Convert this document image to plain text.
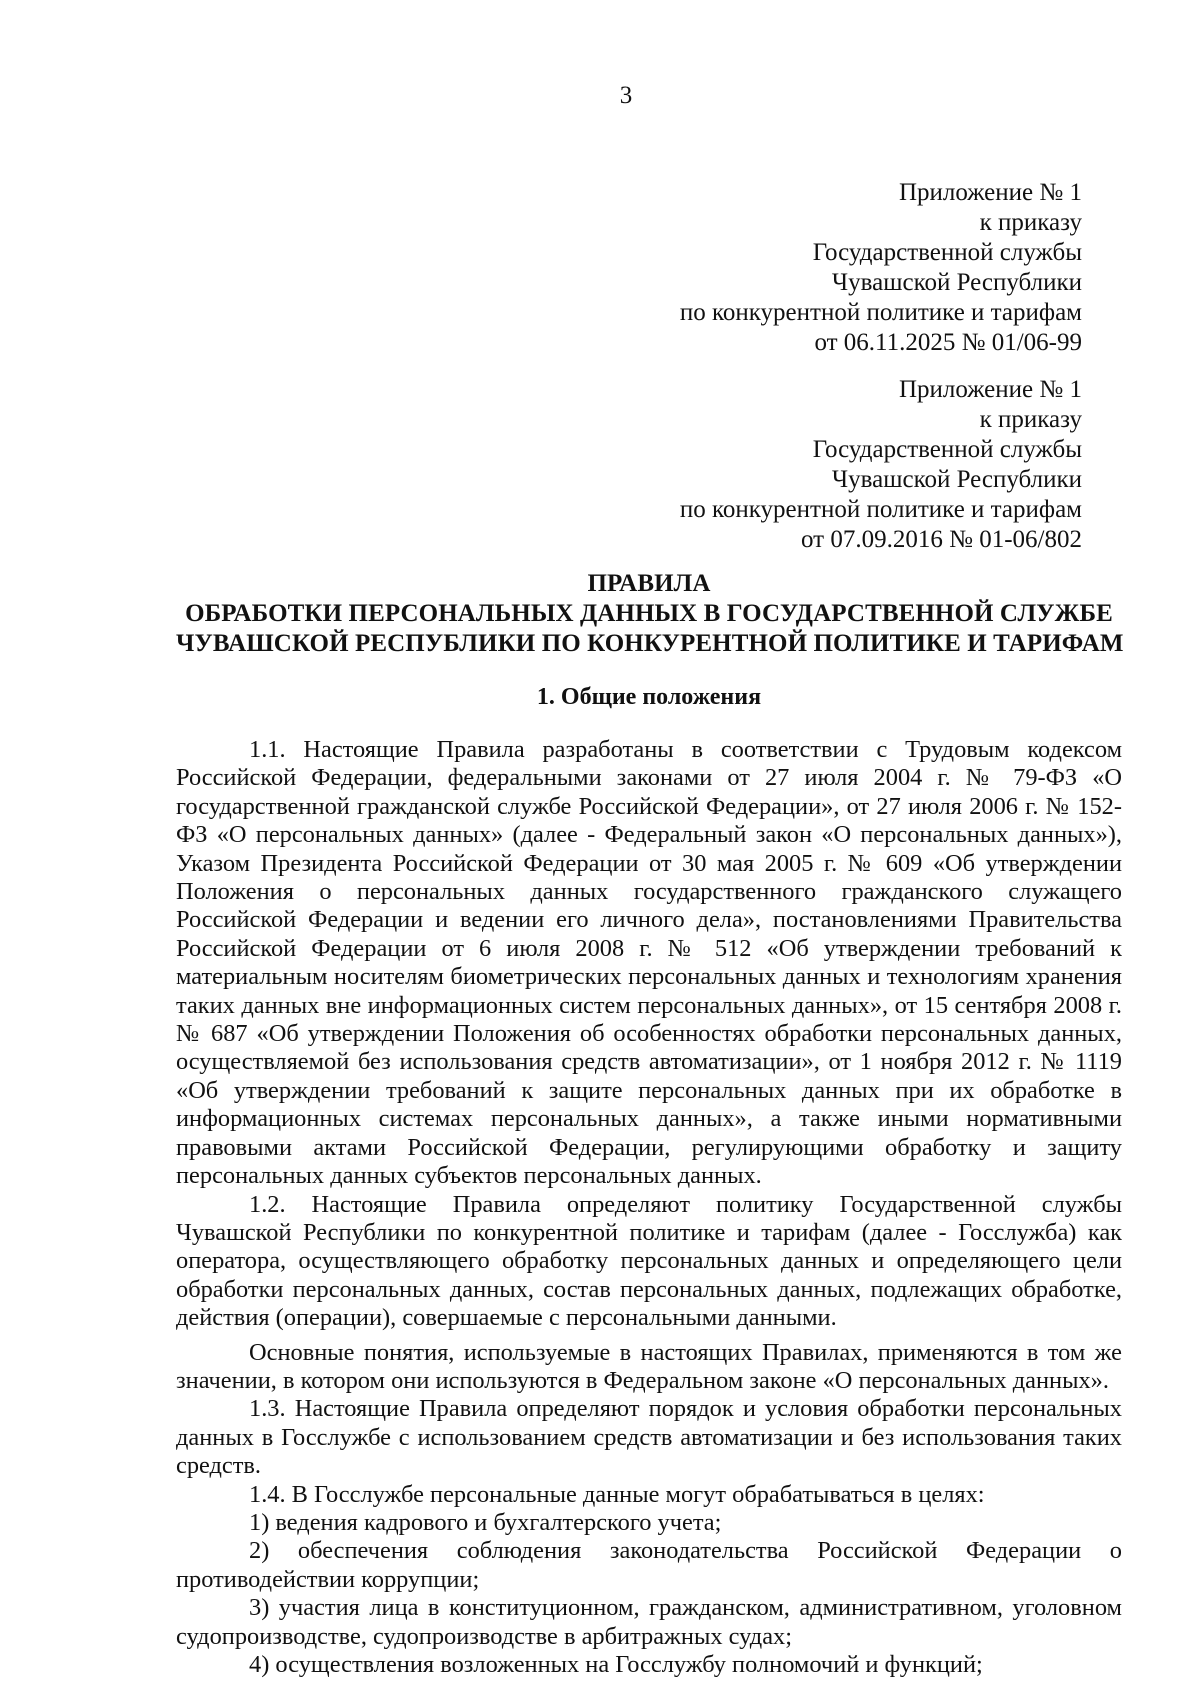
3
Приложение № 1
к приказу
Государственной службы
Чувашской Республики
по конкурентной политике и тарифам
от 06.11.2025 № 01/06-99
Приложение № 1
к приказу
Государственной службы
Чувашской Республики
по конкурентной политике и тарифам
от 07.09.2016 № 01-06/802
ПРАВИЛА
ОБРАБОТКИ ПЕРСОНАЛЬНЫХ ДАННЫХ В ГОСУДАРСТВЕННОЙ СЛУЖБЕ
ЧУВАШСКОЙ РЕСПУБЛИКИ ПО КОНКУРЕНТНОЙ ПОЛИТИКЕ И ТАРИФАМ
1. Общие положения

1.1. Настоящие Правила разработаны в соответствии с Трудовым кодексом Российской Федерации, федеральными законами от 27 июля 2004 г. № 79-ФЗ «О государственной гражданской службе Российской Федерации», от 27 июля 2006 г. № 152-ФЗ «О персональных данных» (далее - Федеральный закон «О персональных данных»), Указом Президента Российской Федерации от 30 мая 2005 г. № 609 «Об утверждении Положения о персональных данных государственного гражданского служащего Российской Федерации и ведении его личного дела», постановлениями Правительства Российской Федерации от 6 июля 2008 г. № 512 «Об утверждении требований к материальным носителям биометрических персональных данных и технологиям хранения таких данных вне информационных систем персональных данных», от 15 сентября 2008 г. № 687 «Об утверждении Положения об особенностях обработки персональных данных, осуществляемой без использования средств автоматизации», от 1 ноября 2012 г. № 1119 «Об утверждении требований к защите персональных данных при их обработке в информационных системах персональных данных», а также иными нормативными правовыми актами Российской Федерации, регулирующими обработку и защиту персональных данных субъектов персональных данных.

1.2. Настоящие Правила определяют политику Государственной службы Чувашской Республики по конкурентной политике и тарифам (далее - Госслужба) как оператора, осуществляющего обработку персональных данных и определяющего цели обработки персональных данных, состав персональных данных, подлежащих обработке, действия (операции), совершаемые с персональными данными.

Основные понятия, используемые в настоящих Правилах, применяются в том же значении, в котором они используются в Федеральном законе «О персональных данных».

1.3. Настоящие Правила определяют порядок и условия обработки персональных данных в Госслужбе с использованием средств автоматизации и без использования таких средств.

1.4. В Госслужбе персональные данные могут обрабатываться в целях:

1) ведения кадрового и бухгалтерского учета;

2) обеспечения соблюдения законодательства Российской Федерации о противодействии коррупции;

3) участия лица в конституционном, гражданском, административном, уголовном судопроизводстве, судопроизводстве в арбитражных судах;

4) осуществления возложенных на Госслужбу полномочий и функций;
